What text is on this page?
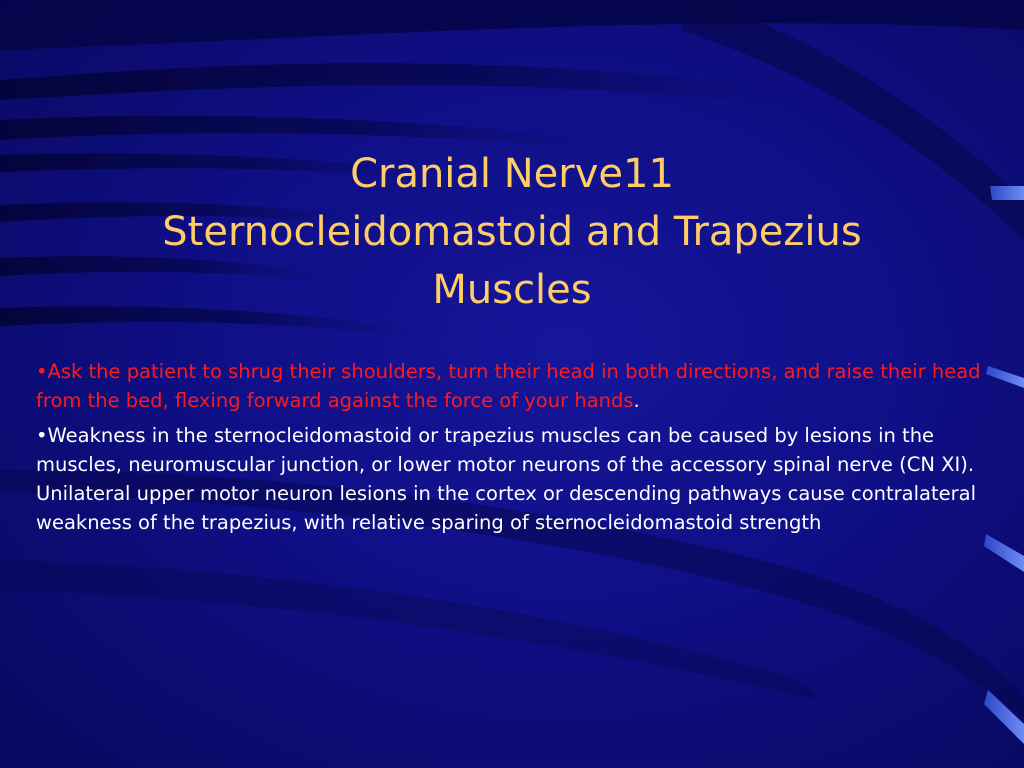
Cranial Nerve11
Sternocleidomastoid and Trapezius
Muscles

•Ask the patient to shrug their shoulders, turn their head in both directions, and raise their head from the bed, flexing forward against the force of your hands.

•Weakness in the sternocleidomastoid or trapezius muscles can be caused by lesions in the muscles, neuromuscular junction, or lower motor neurons of the accessory spinal nerve (CN XI). Unilateral upper motor neuron lesions in the cortex or descending pathways cause contralateral weakness of the trapezius, with relative sparing of sternocleidomastoid strength
